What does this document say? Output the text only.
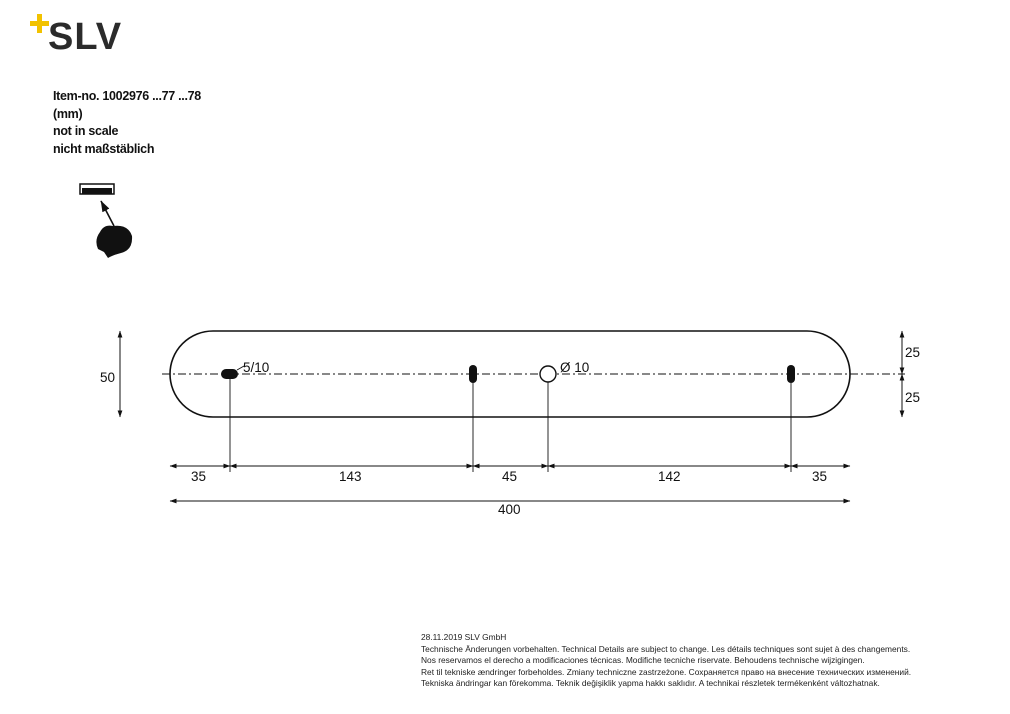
SLV
Item-no. 1002976 ...77 ...78
(mm)
not in scale
nicht maßstäblich
5/10	Ø 10
50
25
25
35	143	45	142	35
400
28.11.2019 SLV GmbH
Technische Änderungen vorbehalten. Technical Details are subject to change. Les détails techniques sont sujet à des changements.
Nos reservamos el derecho a modificaciones técnicas. Modifiche tecniche riservate. Behoudens technische wijzigingen.
Ret til tekniske ændringer forbeholdes. Zmiany techniczne zastrzeżone. Сохраняется право на внесение технических изменений.
Tekniska ändringar kan förekomma. Teknik değişiklik yapma hakkı saklıdır. A technikai részletek termékenként változhatnak.
